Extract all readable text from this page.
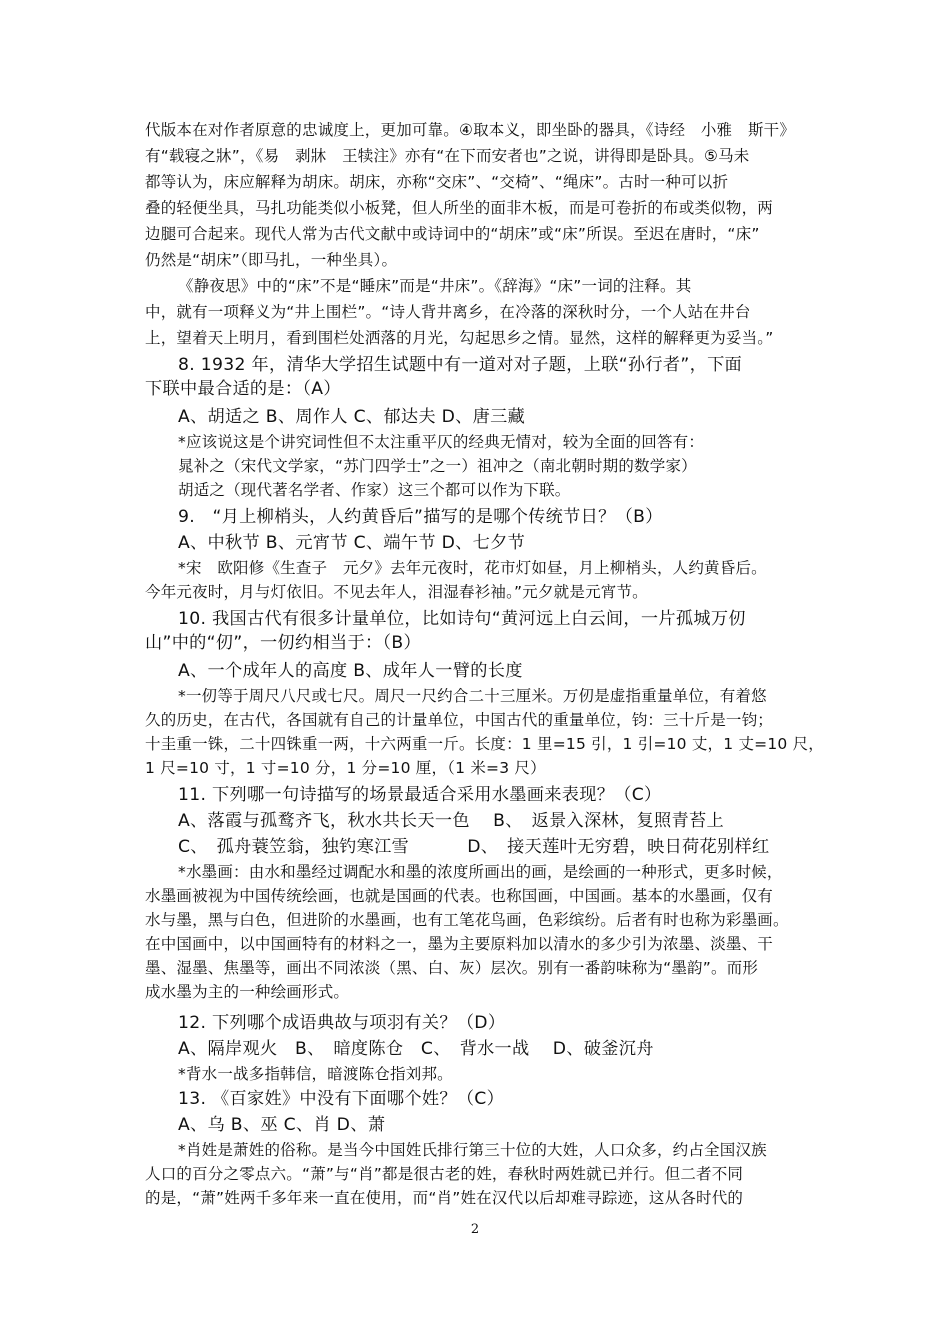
代版本在对作者原意的忠诚度上，更加可靠。④取本义，即坐卧的器具，《诗经　小雅　斯干》

有“载寝之牀”，《易　剥牀　王犊注》亦有“在下而安者也”之说，讲得即是卧具。⑤马未

都等认为，床应解释为胡床。胡床，亦称“交床”、“交椅”、“绳床”。古时一种可以折

叠的轻便坐具，马扎功能类似小板凳，但人所坐的面非木板，而是可卷折的布或类似物，两

边腿可合起来。现代人常为古代文献中或诗词中的“胡床”或“床”所误。至迟在唐时，“床”

仍然是“胡床”（即马扎，一种坐具）。

《静夜思》中的“床”不是“睡床”而是“井床”。《辞海》“床”一词的注释。其

中，就有一项释义为“井上围栏”。“诗人背井离乡，在冷落的深秋时分，一个人站在井台

上，望着天上明月，看到围栏处洒落的月光，勾起思乡之情。显然，这样的解释更为妥当。”

8. 1932 年，清华大学招生试题中有一道对对子题，上联“孙行者”，下面

下联中最合适的是：（A）

A、胡适之 B、周作人 C、郁达夫 D、唐三藏

*应该说这是个讲究词性但不太注重平仄的经典无情对，较为全面的回答有：

晁补之（宋代文学家，“苏门四学士”之一）祖冲之（南北朝时期的数学家）

胡适之（现代著名学者、作家）这三个都可以作为下联。

9.　“月上柳梢头，人约黄昏后”描写的是哪个传统节日？（B）

A、中秋节 B、元宵节 C、端午节 D、七夕节

*宋　欧阳修《生查子　元夕》去年元夜时，花市灯如昼，月上柳梢头，人约黄昏后。

今年元夜时，月与灯依旧。不见去年人，泪湿春衫袖。”元夕就是元宵节。

10. 我国古代有很多计量单位，比如诗句“黄河远上白云间，一片孤城万仞

山”中的“仞”，一仞约相当于：（B）

A、一个成年人的高度 B、成年人一臂的长度

*一仞等于周尺八尺或七尺。周尺一尺约合二十三厘米。万仞是虚指重量单位，有着悠

久的历史，在古代，各国就有自己的计量单位，中国古代的重量单位，钧：三十斤是一钧；

十圭重一铢，二十四铢重一两，十六两重一斤。长度：1 里=15 引，1 引=10 丈，1 丈=10 尺，

1 尺=10 寸，1 寸=10 分，1 分=10 厘，（1 米=3 尺）

11. 下列哪一句诗描写的场景最适合采用水墨画来表现？（C）

A、落霞与孤鹜齐飞，秋水共长天一色　 B、　返景入深林，复照青苔上

C、　孤舟蓑笠翁，独钓寒江雪　　　 D、　接天莲叶无穷碧，映日荷花别样红

*水墨画：由水和墨经过调配水和墨的浓度所画出的画，是绘画的一种形式，更多时候，

水墨画被视为中国传统绘画，也就是国画的代表。也称国画，中国画。基本的水墨画，仅有

水与墨，黑与白色，但进阶的水墨画，也有工笔花鸟画，色彩缤纷。后者有时也称为彩墨画。

在中国画中，以中国画特有的材料之一，墨为主要原料加以清水的多少引为浓墨、淡墨、干

墨、湿墨、焦墨等，画出不同浓淡（黑、白、灰）层次。别有一番韵味称为“墨韵”。而形

成水墨为主的一种绘画形式。

12. 下列哪个成语典故与项羽有关？（D）

A、隔岸观火　B、　暗度陈仓　C、　背水一战　 D、破釜沉舟

*背水一战多指韩信，暗渡陈仓指刘邦。

13. 《百家姓》中没有下面哪个姓？（C）

A、乌 B、巫 C、肖 D、萧

*肖姓是萧姓的俗称。是当今中国姓氏排行第三十位的大姓，人口众多，约占全国汉族

人口的百分之零点六。“萧”与“肖”都是很古老的姓，春秋时两姓就已并行。但二者不同

的是，“萧”姓两千多年来一直在使用，而“肖”姓在汉代以后却难寻踪迹，这从各时代的

2
